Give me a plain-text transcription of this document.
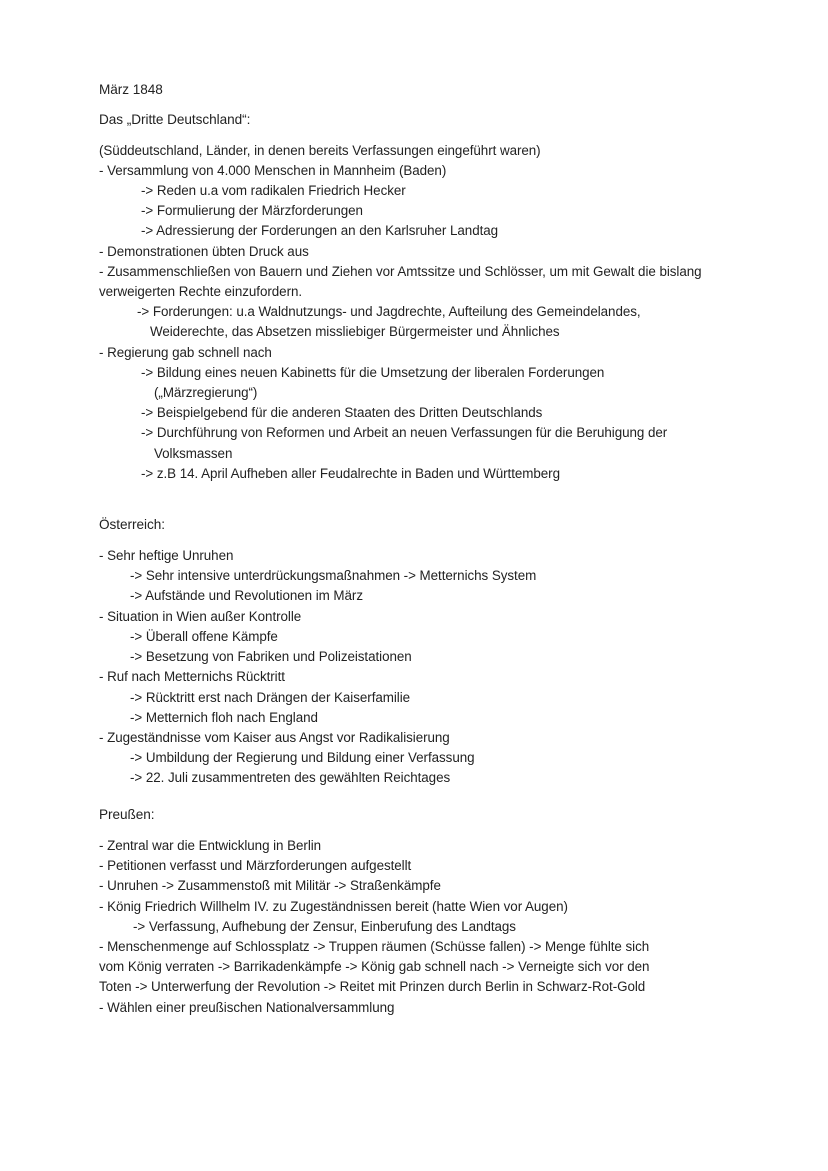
März 1848
Das „Dritte Deutschland“:
(Süddeutschland, Länder, in denen bereits Verfassungen eingeführt waren)
- Versammlung von 4.000 Menschen in Mannheim (Baden)
-> Reden u.a vom radikalen Friedrich Hecker
-> Formulierung der Märzforderungen
-> Adressierung der Forderungen an den Karlsruher Landtag
- Demonstrationen übten Druck aus
- Zusammenschließen von Bauern und Ziehen vor Amtssitze und Schlösser, um mit Gewalt die bislang
verweigerten Rechte einzufordern.
-> Forderungen: u.a Waldnutzungs- und Jagdrechte, Aufteilung des Gemeindelandes,
Weiderechte, das Absetzen missliebiger Bürgermeister und Ähnliches
- Regierung gab schnell nach
-> Bildung eines neuen Kabinetts für die Umsetzung der liberalen Forderungen
(„Märzregierung“)
-> Beispielgebend für die anderen Staaten des Dritten Deutschlands
-> Durchführung von Reformen und Arbeit an neuen Verfassungen für die Beruhigung der
Volksmassen
-> z.B 14. April Aufheben aller Feudalrechte in Baden und Württemberg
Österreich:
- Sehr heftige Unruhen
-> Sehr intensive unterdrückungsmaßnahmen -> Metternichs System
-> Aufstände und Revolutionen im März
- Situation in Wien außer Kontrolle
-> Überall offene Kämpfe
-> Besetzung von Fabriken und Polizeistationen
- Ruf nach Metternichs Rücktritt
-> Rücktritt erst nach Drängen der Kaiserfamilie
-> Metternich floh nach England
- Zugeständnisse vom Kaiser aus Angst vor Radikalisierung
-> Umbildung der Regierung und Bildung einer Verfassung
-> 22. Juli zusammentreten des gewählten Reichtages
Preußen:
- Zentral war die Entwicklung in Berlin
- Petitionen verfasst und Märzforderungen aufgestellt
- Unruhen -> Zusammenstoß mit Militär -> Straßenkämpfe
- König Friedrich Willhelm IV. zu Zugeständnissen bereit (hatte Wien vor Augen)
-> Verfassung, Aufhebung der Zensur, Einberufung des Landtags
- Menschenmenge auf Schlossplatz -> Truppen räumen (Schüsse fallen) -> Menge fühlte sich
vom König verraten -> Barrikadenkämpfe -> König gab schnell nach -> Verneigte sich vor den
Toten -> Unterwerfung der Revolution -> Reitet mit Prinzen durch Berlin in Schwarz-Rot-Gold
- Wählen einer preußischen Nationalversammlung
